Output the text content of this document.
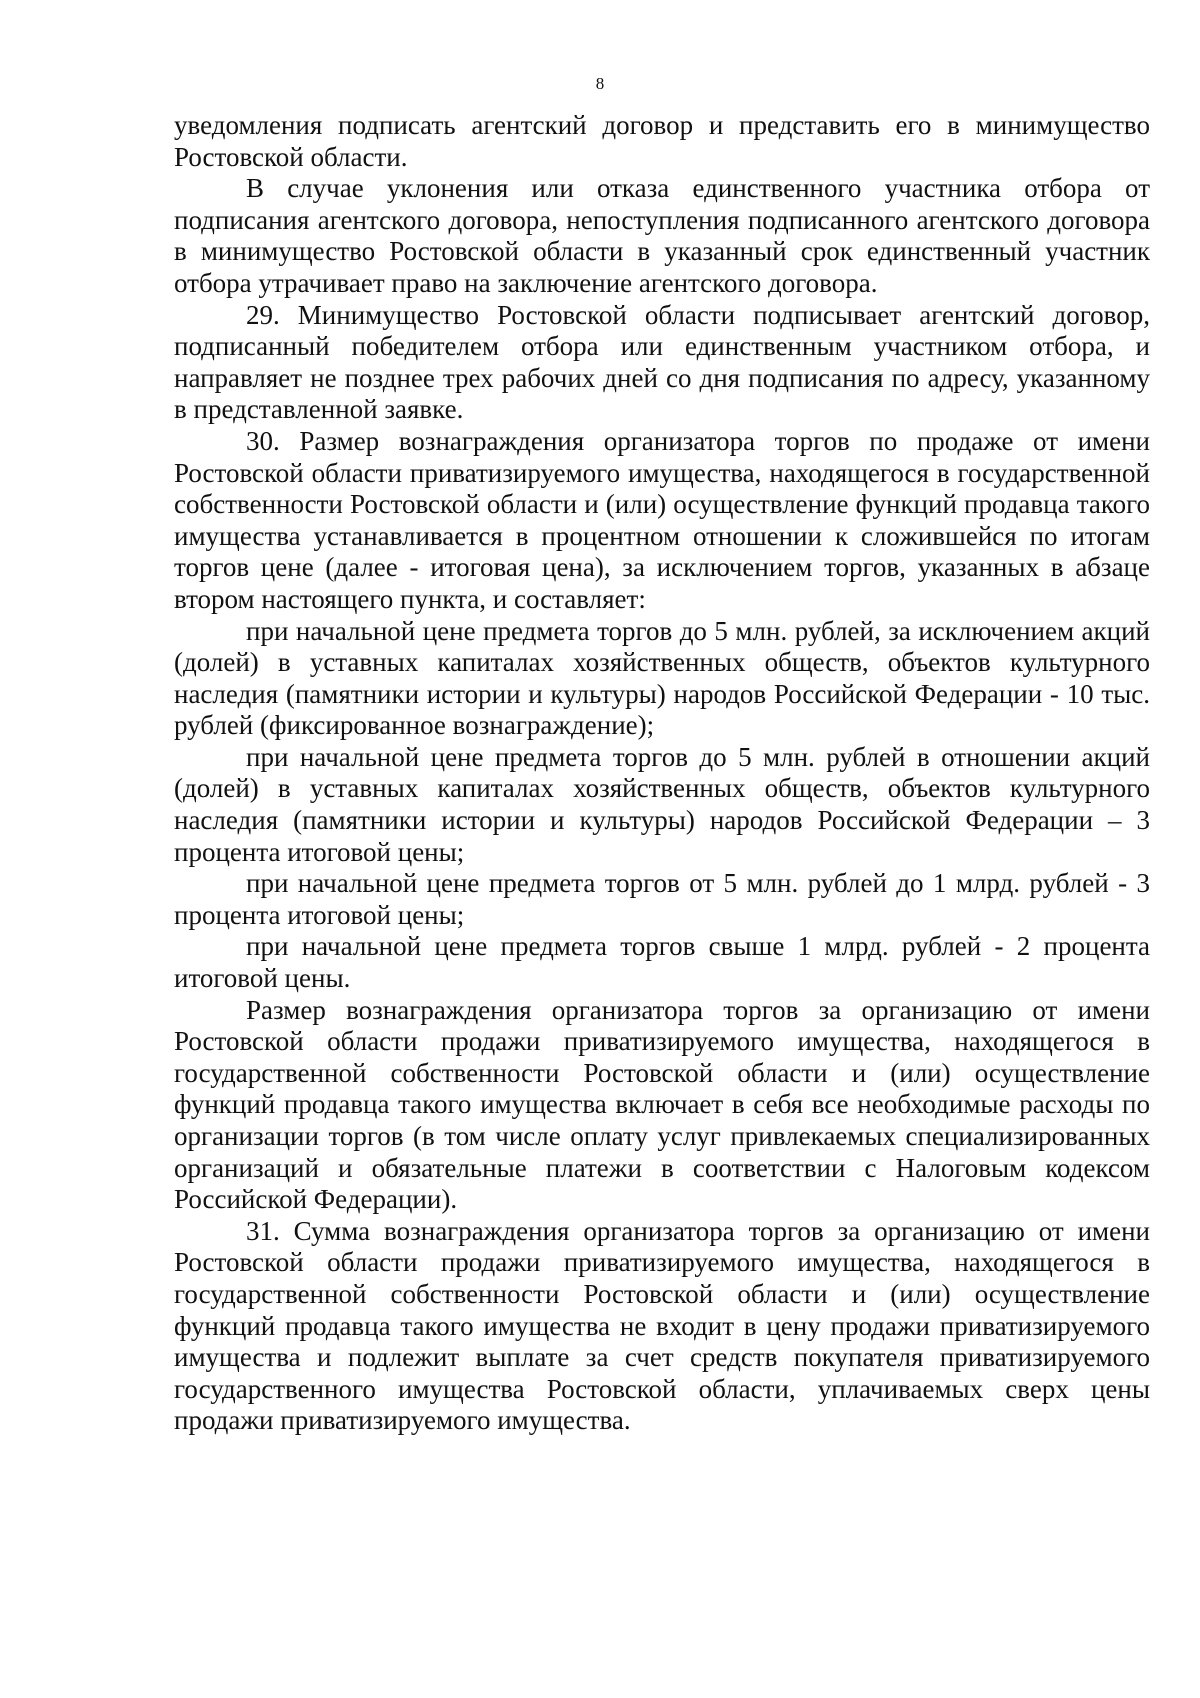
8

уведомления подписать агентский договор и представить его в минимущество Ростовской области.

В случае уклонения или отказа единственного участника отбора от подписания агентского договора, непоступления подписанного агентского договора в минимущество Ростовской области в указанный срок единственный участник отбора утрачивает право на заключение агентского договора.

29. Минимущество Ростовской области подписывает агентский договор, подписанный победителем отбора или единственным участником отбора, и направляет не позднее трех рабочих дней со дня подписания по адресу, указанному в представленной заявке.

30. Размер вознаграждения организатора торгов по продаже от имени Ростовской области приватизируемого имущества, находящегося в государственной собственности Ростовской области и (или) осуществление функций продавца такого имущества устанавливается в процентном отношении к сложившейся по итогам торгов цене (далее - итоговая цена), за исключением торгов, указанных в абзаце втором настоящего пункта, и составляет:

при начальной цене предмета торгов до 5 млн. рублей, за исключением акций (долей) в уставных капиталах хозяйственных обществ, объектов культурного наследия (памятники истории и культуры) народов Российской Федерации - 10 тыс. рублей (фиксированное вознаграждение);

при начальной цене предмета торгов до 5 млн. рублей в отношении акций (долей) в уставных капиталах хозяйственных обществ, объектов культурного наследия (памятники истории и культуры) народов Российской Федерации – 3 процента итоговой цены;

при начальной цене предмета торгов от 5 млн. рублей до 1 млрд. рублей - 3 процента итоговой цены;

при начальной цене предмета торгов свыше 1 млрд. рублей - 2 процента итоговой цены.

Размер вознаграждения организатора торгов за организацию от имени Ростовской области продажи приватизируемого имущества, находящегося в государственной собственности Ростовской области и (или) осуществление функций продавца такого имущества включает в себя все необходимые расходы по организации торгов (в том числе оплату услуг привлекаемых специализированных организаций и обязательные платежи в соответствии с Налоговым кодексом Российской Федерации).

31. Сумма вознаграждения организатора торгов за организацию от имени Ростовской области продажи приватизируемого имущества, находящегося в государственной собственности Ростовской области и (или) осуществление функций продавца такого имущества не входит в цену продажи приватизируемого имущества и подлежит выплате за счет средств покупателя приватизируемого государственного имущества Ростовской области, уплачиваемых сверх цены продажи приватизируемого имущества.
